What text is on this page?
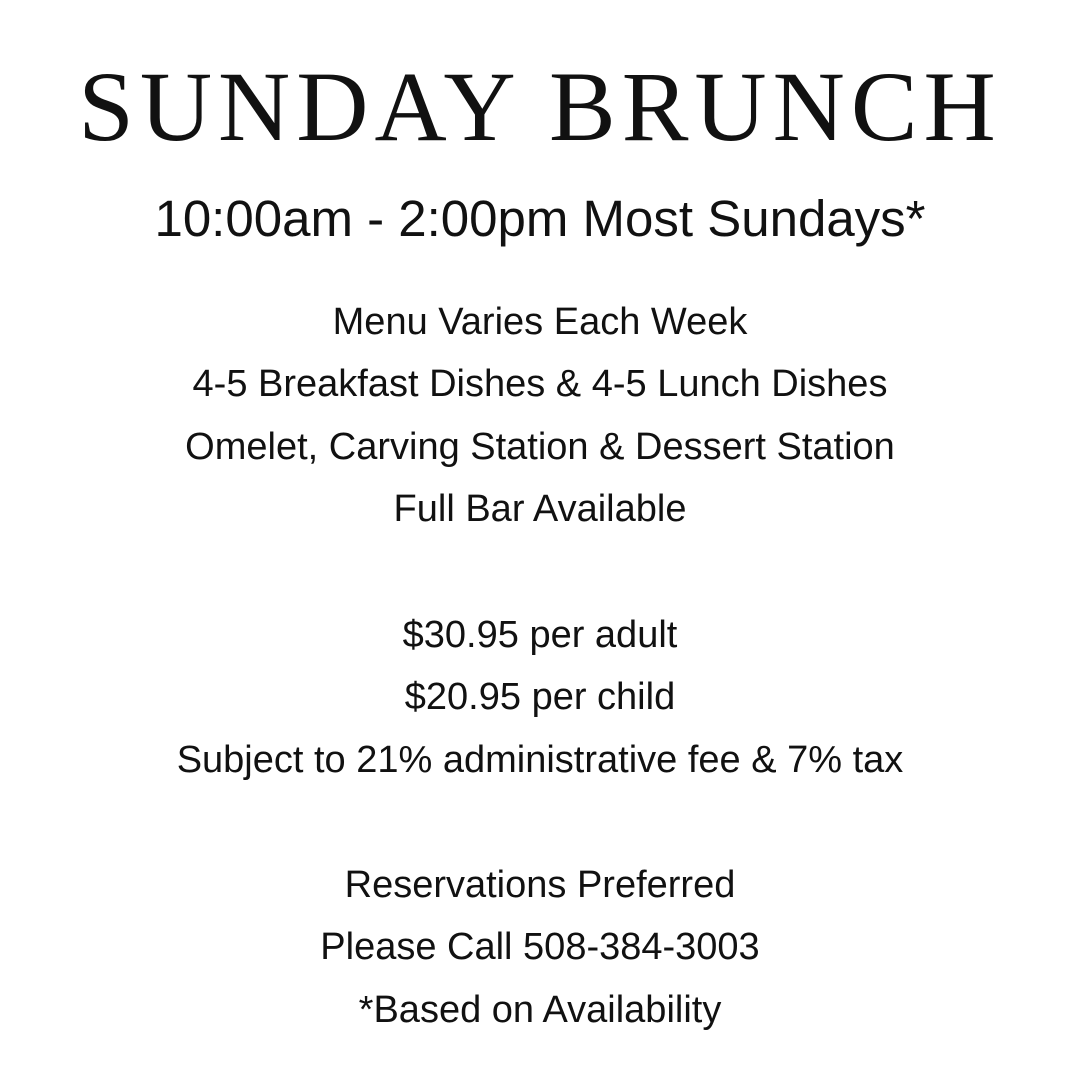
SUNDAY BRUNCH
10:00am - 2:00pm Most Sundays*
Menu Varies Each Week
4-5 Breakfast Dishes & 4-5 Lunch Dishes
Omelet, Carving Station & Dessert Station
Full Bar Available
$30.95 per adult
$20.95 per child
Subject to 21% administrative fee & 7% tax
Reservations Preferred
Please Call 508-384-3003
*Based on Availability
